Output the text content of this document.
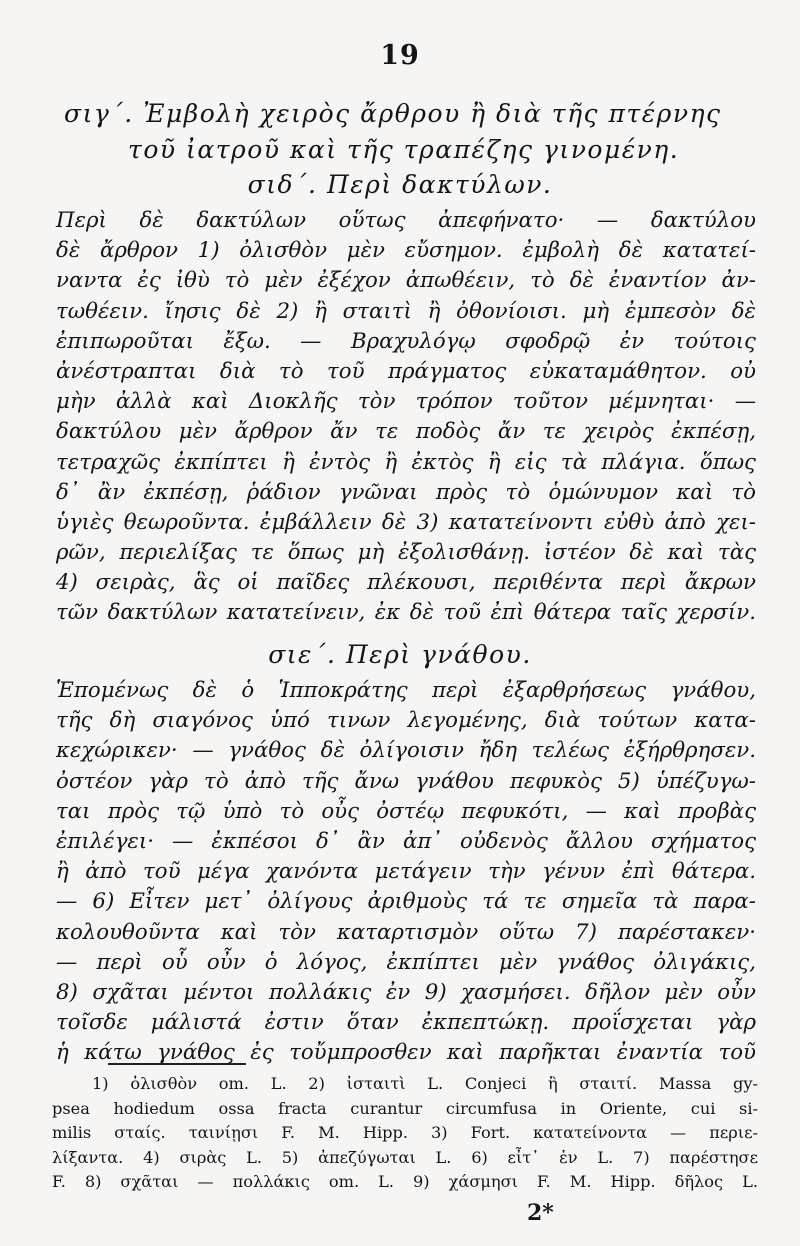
19
σιγ΄. Ἐμβολὴ χειρὸς ἄρθρου ἢ διὰ τῆς πτέρνης
τοῦ ἰατροῦ καὶ τῆς τραπέζης γινομένη.
σιδ΄. Περὶ δακτύλων.
Περὶ δὲ δακτύλων οὕτως ἀπεφήνατο· — δακτύλου
δὲ ἄρθρον 1) ὀλισθὸν μὲν εὔσημον. ἐμβολὴ δὲ κατατεί-
ναντα ἐς ἰθὺ τὸ μὲν ἐξέχον ἀπωθέειν, τὸ δὲ ἐναντίον ἀν-
τωθέειν. ἴησις δὲ 2) ἢ σταιτὶ ἢ ὀθονίοισι. μὴ ἐμπεσὸν δὲ
ἐπιπωροῦται ἔξω. — Βραχυλόγῳ σφοδρῷ ἐν τούτοις
ἀνέστραπται διὰ τὸ τοῦ πράγματος εὐκαταμάθητον. οὐ
μὴν ἀλλὰ καὶ Διοκλῆς τὸν τρόπον τοῦτον μέμνηται· —
δακτύλου μὲν ἄρθρον ἄν τε ποδὸς ἄν τε χειρὸς ἐκπέσῃ,
τετραχῶς ἐκπίπτει ἢ ἐντὸς ἢ ἐκτὸς ἢ εἰς τὰ πλάγια. ὅπως
δ᾽ ἂν ἐκπέσῃ, ῥάδιον γνῶναι πρὸς τὸ ὁμώνυμον καὶ τὸ
ὑγιὲς θεωροῦντα. ἐμβάλλειν δὲ 3) κατατείνοντι εὐθὺ ἀπὸ χει-
ρῶν, περιελίξας τε ὅπως μὴ ἐξολισθάνῃ. ἰστέον δὲ καὶ τὰς
4) σειρὰς, ἃς οἱ παῖδες πλέκουσι, περιθέντα περὶ ἄκρων
τῶν δακτύλων κατατείνειν, ἐκ δὲ τοῦ ἐπὶ θάτερα ταῖς χερσίν.
σιε΄. Περὶ γνάθου.
Ἑπομένως δὲ ὁ Ἱπποκράτης περὶ ἐξαρθρήσεως γνάθου,
τῆς δὴ σιαγόνος ὑπό τινων λεγομένης, διὰ τούτων κατα-
κεχώρικεν· — γνάθος δὲ ὀλίγοισιν ἤδη τελέως ἐξήρθρησεν.
ὀστέον γὰρ τὸ ἀπὸ τῆς ἄνω γνάθου πεφυκὸς 5) ὑπέζυγω-
ται πρὸς τῷ ὑπὸ τὸ οὖς ὀστέῳ πεφυκότι, — καὶ προβὰς
ἐπιλέγει· — ἐκπέσοι δ᾽ ἂν ἀπ᾽ οὐδενὸς ἄλλου σχήματος
ἢ ἀπὸ τοῦ μέγα χανόντα μετάγειν τὴν γένυν ἐπὶ θάτερα.
— 6) Εἶτεν μετ᾽ ὀλίγους ἀριθμοὺς τά τε σημεῖα τὰ παρα-
κολουθοῦντα καὶ τὸν καταρτισμὸν οὕτω 7) παρέστακεν·
— περὶ οὗ οὖν ὁ λόγος, ἐκπίπτει μὲν γνάθος ὀλιγάκις,
8) σχᾶται μέντοι πολλάκις ἐν 9) χασμήσει. δῆλον μὲν οὖν
τοῖσδε μάλιστά ἐστιν ὅταν ἐκπεπτώκῃ. προΐσχεται γὰρ
ἡ κάτω γνάθος ἐς τοὔμπροσθεν καὶ παρῆκται ἐναντία τοῦ
1) ὀλισθὸν om. L. 2) ἰσταιτὶ L. Conjeci ἢ σταιτί. Massa gy-
psea hodiedum ossa fracta curantur circumfusa in Oriente, cui si-
milis σταίς. ταινίῃσι F. M. Hipp. 3) Fort. κατατείνοντα — περιε-
λίξαντα. 4) σιρὰς L. 5) ἀπεζύγωται L. 6) εἶτ᾽ ἐν L. 7) παρέστησε
F. 8) σχᾶται — πολλάκις om. L. 9) χάσμησι F. M. Hipp. δῆλος L.
2*
